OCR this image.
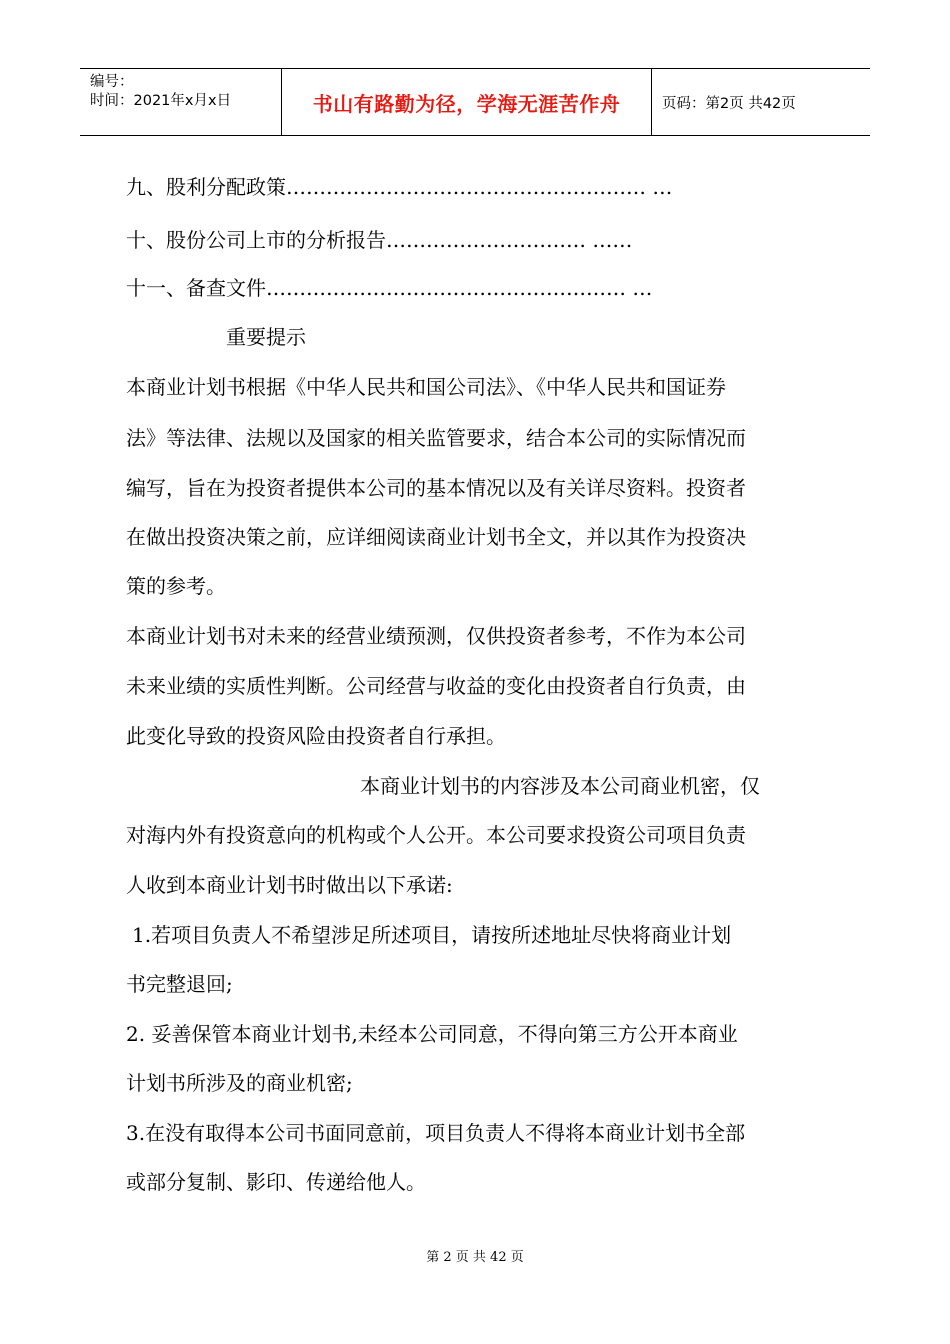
编号：
时间：2021年x月x日	书山有路勤为径，学海无涯苦作舟	页码：第2页 共42页
九、股利分配政策……………………………………………… …
十、股份公司上市的分析报告………………………… ……
十一、备查文件……………………………………………… …
重要提示
本商业计划书根据《中华人民共和国公司法》、《中华人民共和国证券
法》等法律、法规以及国家的相关监管要求，结合本公司的实际情况而
编写，旨在为投资者提供本公司的基本情况以及有关详尽资料。投资者
在做出投资决策之前，应详细阅读商业计划书全文，并以其作为投资决
策的参考。
本商业计划书对未来的经营业绩预测，仅供投资者参考，不作为本公司
未来业绩的实质性判断。公司经营与收益的变化由投资者自行负责，由
此变化导致的投资风险由投资者自行承担。
本商业计划书的内容涉及本公司商业机密，仅
对海内外有投资意向的机构或个人公开。本公司要求投资公司项目负责
人收到本商业计划书时做出以下承诺:
1.若项目负责人不希望涉足所述项目，请按所述地址尽快将商业计划
书完整退回;
2. 妥善保管本商业计划书,未经本公司同意，不得向第三方公开本商业
计划书所涉及的商业机密;
3.在没有取得本公司书面同意前，项目负责人不得将本商业计划书全部
或部分复制、影印、传递给他人。
第 2 页 共 42 页
